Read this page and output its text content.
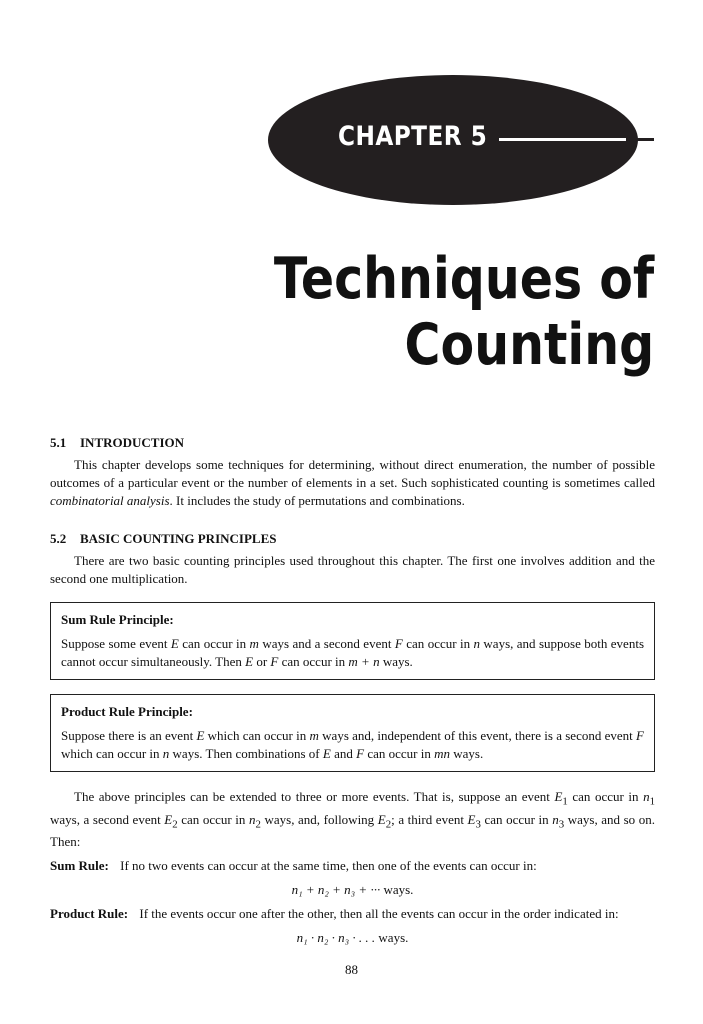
CHAPTER 5
Techniques of
Counting

5.1 INTRODUCTION

This chapter develops some techniques for determining, without direct enumeration, the number of possible outcomes of a particular event or the number of elements in a set. Such sophisticated counting is sometimes called combinatorial analysis. It includes the study of permutations and combinations.

5.2 BASIC COUNTING PRINCIPLES

There are two basic counting principles used throughout this chapter. The first one involves addition and the second one multiplication.

Sum Rule Principle:

Suppose some event E can occur in m ways and a second event F can occur in n ways, and suppose both events cannot occur simultaneously. Then E or F can occur in m + n ways.

Product Rule Principle:

Suppose there is an event E which can occur in m ways and, independent of this event, there is a second event F which can occur in n ways. Then combinations of E and F can occur in mn ways.

The above principles can be extended to three or more events. That is, suppose an event $E_1$ can occur in $n_1$ ways, a second event $E_2$ can occur in $n_2$ ways, and, following $E_2$; a third event $E_3$ can occur in $n_3$ ways, and so on. Then:

Sum Rule: If no two events can occur at the same time, then one of the events can occur in:

n₁ + n₂ + n₃ + ··· ways.

Product Rule: If the events occur one after the other, then all the events can occur in the order indicated in:

n₁ · n₂ · n₃ · . . . ways.

88
